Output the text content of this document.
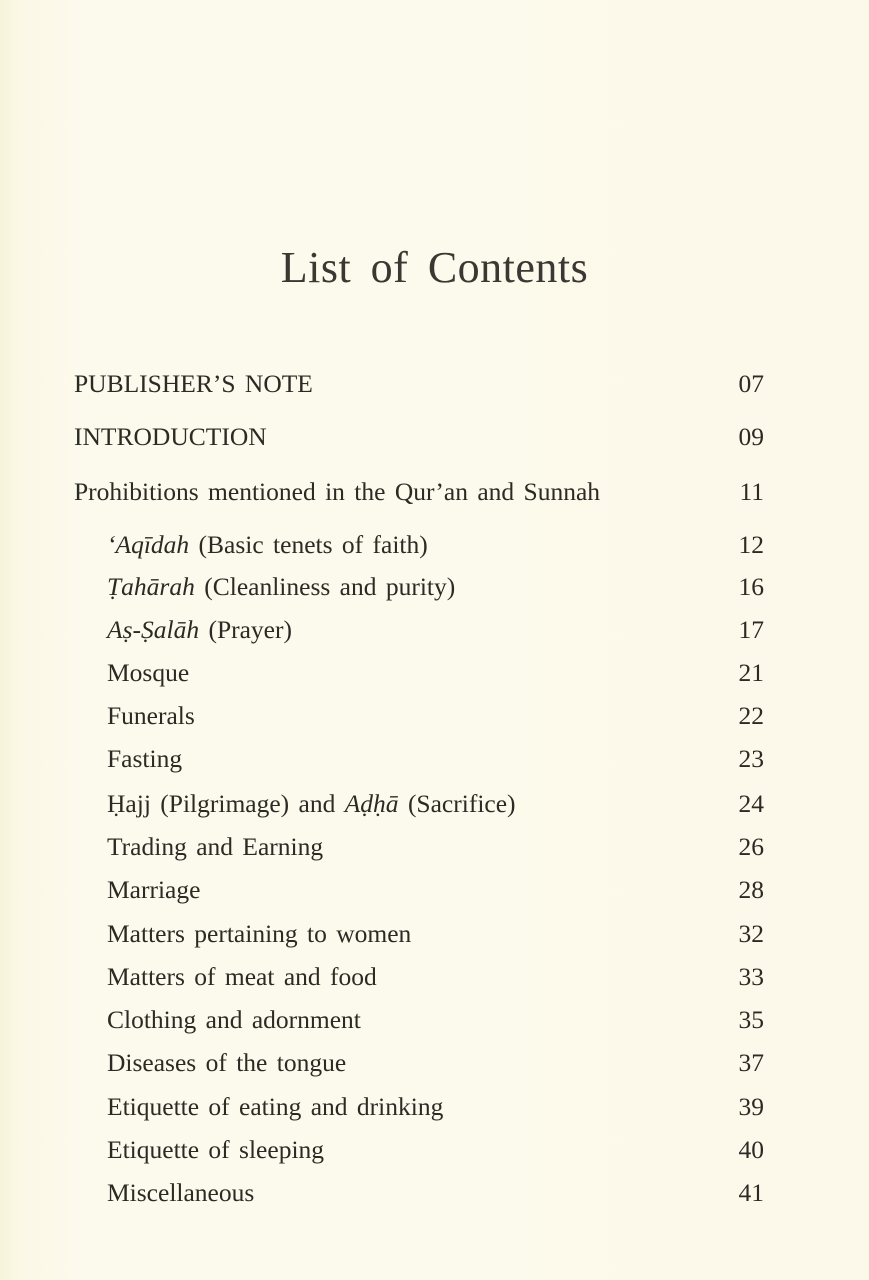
List of Contents
PUBLISHER’S NOTE	07
INTRODUCTION	09
Prohibitions mentioned in the Qur’an and Sunnah	11
‘Aqīdah (Basic tenets of faith)	12
Ṭahārah (Cleanliness and purity)	16
Aṣ-Ṣalāh (Prayer)	17
Mosque	21
Funerals	22
Fasting	23
Ḥajj (Pilgrimage) and Aḍḥā (Sacrifice)	24
Trading and Earning	26
Marriage	28
Matters pertaining to women	32
Matters of meat and food	33
Clothing and adornment	35
Diseases of the tongue	37
Etiquette of eating and drinking	39
Etiquette of sleeping	40
Miscellaneous	41
